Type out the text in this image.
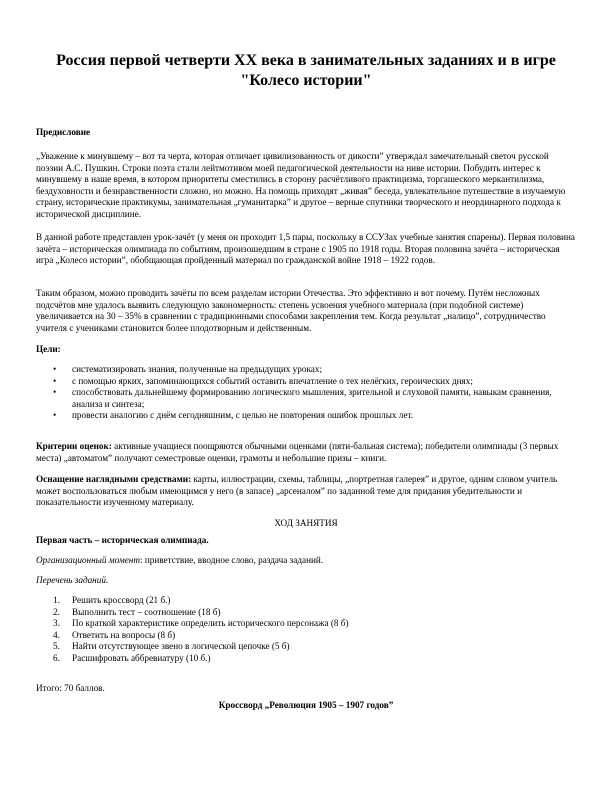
Россия первой четверти XX века в занимательных заданиях и в игре
"Колесо истории"
Предисловие
„Уважение к минувшему – вот та черта, которая отличает цивилизованность от дикости” утверждал замечательный светоч русской поэзии А.С. Пушкин. Строки поэта стали лейтмотивом моей педагогической деятельности на ниве истории. Побудить интерес к минувшему в наше время, в котором приоритеты сместились в сторону расчётливого практицизма, торгашеского меркантилизма, бездуховности и безнравственности сложно, но можно. На помощь приходят „живая” беседа, увлекательное путешествие в изучаемую страну, исторические практикумы, занимательная „гуманитарка” и другое – верные спутники творческого и неординарного подхода к исторической дисциплине.
В данной работе представлен урок-зачёт (у меня он проходит 1,5 пары, поскольку в ССУЗах учебные занятия спарены). Первая половина зачёта – историческая олимпиада по событиям, произошедшим в стране с 1905 по 1918 годы. Вторая половина зачёта – историческая игра „Колесо истории”, обобщающая пройденный материал по гражданской войне 1918 – 1922 годов.
Таким образом, можно проводить зачёты по всем разделам истории Отечества. Это эффективно и вот почему. Путём несложных подсчётов мне удалось выявить следующую закономерность: степень усвоения учебного материала (при подобной системе) увеличивается на 30 – 35% в сравнении с традиционными способами закрепления тем. Когда результат „налицо”, сотрудничество учителя с учениками становится более плодотворным и действенным.
Цели:
• систематизировать знания, полученные на предыдущих уроках;
• с помощью ярких, запоминающихся событий оставить впечатление о тех нелёгких, героических днях;
• способствовать дальнейшему формированию логического мышления, зрительной и слуховой памяти, навыкам сравнения, анализа и синтеза;
• провести аналогию с днём сегодняшним, с целью не повторения ошибок прошлых лет.
Критерии оценок: активные учащиеся поощряются обычными оценками (пяти-бальная система); победители олимпиады (3 первых места) „автоматом” получают семестровые оценки, грамоты и небольшие призы – книги.
Оснащение наглядными средствами: карты, иллюстрации, схемы, таблицы, „портретная галерея” и другое, одним словом учитель может воспользоваться любым имеющимся у него (в запасе) „арсеналом” по заданной теме для придания убедительности и показательности изученному материалу.
ХОД ЗАНЯТИЯ
Первая часть – историческая олимпиада.
Организационный момент: приветствие, вводное слово, раздача заданий.
Перечень заданий.
1. Решить кроссворд (21 б.)
2. Выполнить тест – соотношение (18 б)
3. По краткой характеристике определить исторического персонажа (8 б)
4. Ответить на вопросы (8 б)
5. Найти отсутствующее звено в логической цепочке (5 б)
6. Расшифровать аббревиатуру (10 б.)
Итого: 70 баллов.
Кроссворд „Революция 1905 – 1907 годов”
